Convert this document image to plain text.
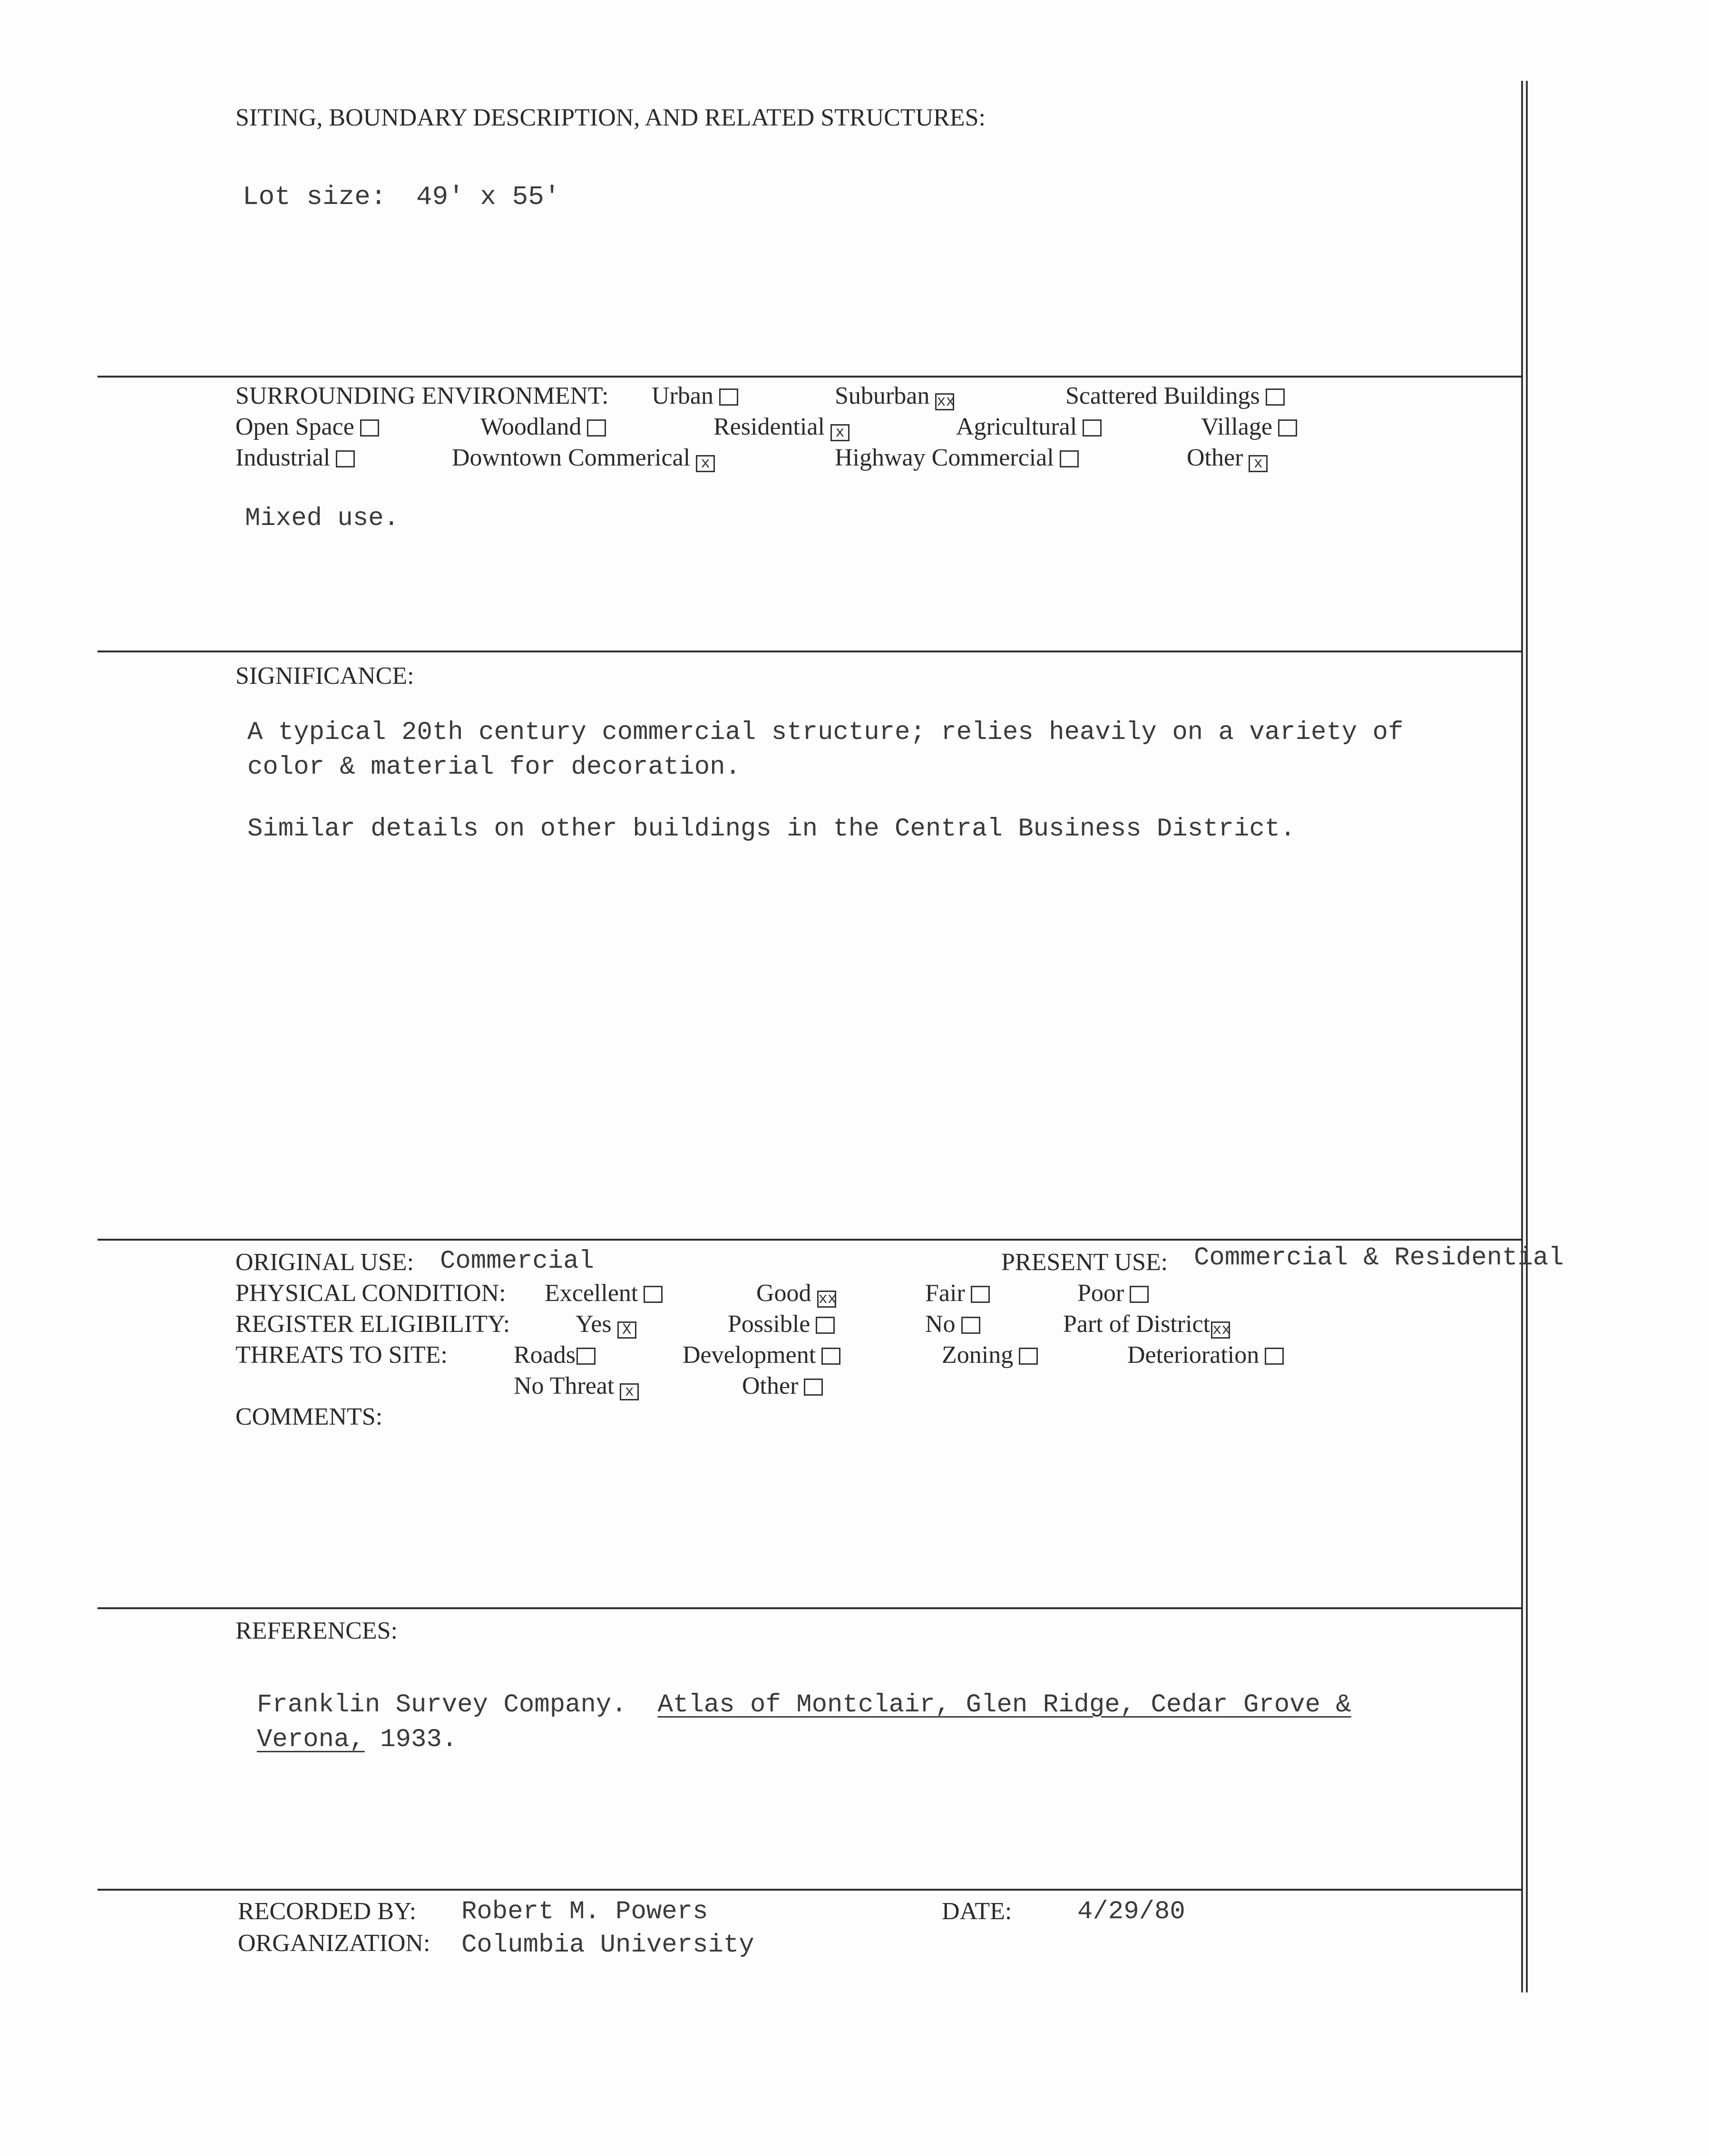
SITING, BOUNDARY DESCRIPTION, AND RELATED STRUCTURES:
Lot size: 49' x 55'
SURROUNDING ENVIRONMENT: Urban	Suburban xx	Scattered Buildings
Open Space	Woodland	Residential x	Agricultural	Village
Industrial	Downtown Commerical x	Highway Commercial	Other x
Mixed use.
SIGNIFICANCE:
A typical 20th century commercial structure; relies heavily on a variety of
color & material for decoration.
Similar details on other buildings in the Central Business District.
ORIGINAL USE: Commercial	PRESENT USE: Commercial & Residential
PHYSICAL CONDITION: Excellent	Good xx	Fair	Poor
REGISTER ELIGIBILITY:	Yes X	Possible	No	Part of District xx
THREATS TO SITE:	Roads	Development	Zoning	Deterioration
No Threat x	Other
COMMENTS:
REFERENCES:
Franklin Survey Company. Atlas of Montclair, Glen Ridge, Cedar Grove &
Verona, 1933.
RECORDED BY: Robert M. Powers
ORGANIZATION: Columbia University
DATE:	4/29/80
